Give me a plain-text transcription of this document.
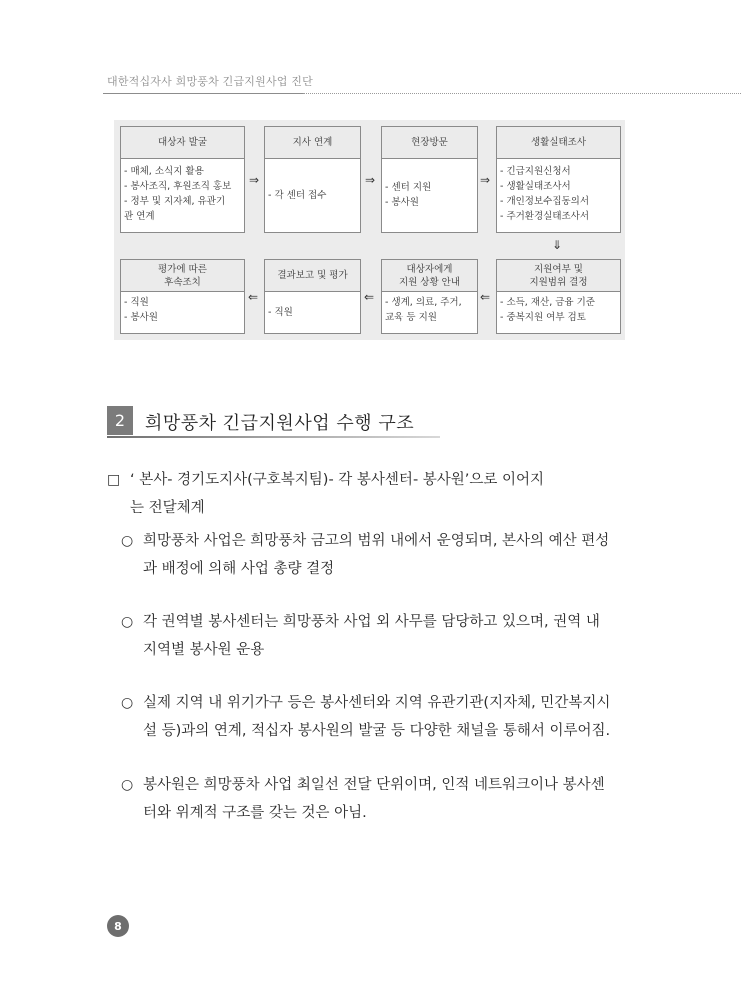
대한적십자사 희망풍차 긴급지원사업 진단
대상자 발굴
- 매체, 소식지 활용
- 봉사조직, 후원조직 홍보
- 정부 및 지자체, 유관기
관 연계
⇒
지사 연계
- 각 센터 접수
⇒
현장방문
- 센터 지원
- 봉사원
⇒
생활실태조사
- 긴급지원신청서
- 생활실태조사서
- 개인정보수집동의서
- 주거환경실태조사서
⇓
평가에 따른
후속조치
- 직원
- 봉사원
⇐
결과보고 및 평가
- 직원
⇐
대상자에게
지원 상황 안내
- 생계, 의료, 주거,
교육 등 지원
⇐
지원여부 및
지원범위 결정
- 소득, 재산, 금융 기준
- 중복지원 여부 검토
2	희망풍차 긴급지원사업 수행 구조
□ ‘ 본사- 경기도지사(구호복지팀)- 각 봉사센터- 봉사원’으로 이어지
는 전달체계
○ 희망풍차 사업은 희망풍차 금고의 범위 내에서 운영되며, 본사의 예산 편성
과 배정에 의해 사업 총량 결정
○ 각 권역별 봉사센터는 희망풍차 사업 외 사무를 담당하고 있으며, 권역 내
지역별 봉사원 운용
○ 실제 지역 내 위기가구 등은 봉사센터와 지역 유관기관(지자체, 민간복지시
설 등)과의 연계, 적십자 봉사원의 발굴 등 다양한 채널을 통해서 이루어짐.
○ 봉사원은 희망풍차 사업 최일선 전달 단위이며, 인적 네트워크이나 봉사센
터와 위계적 구조를 갖는 것은 아님.
8
